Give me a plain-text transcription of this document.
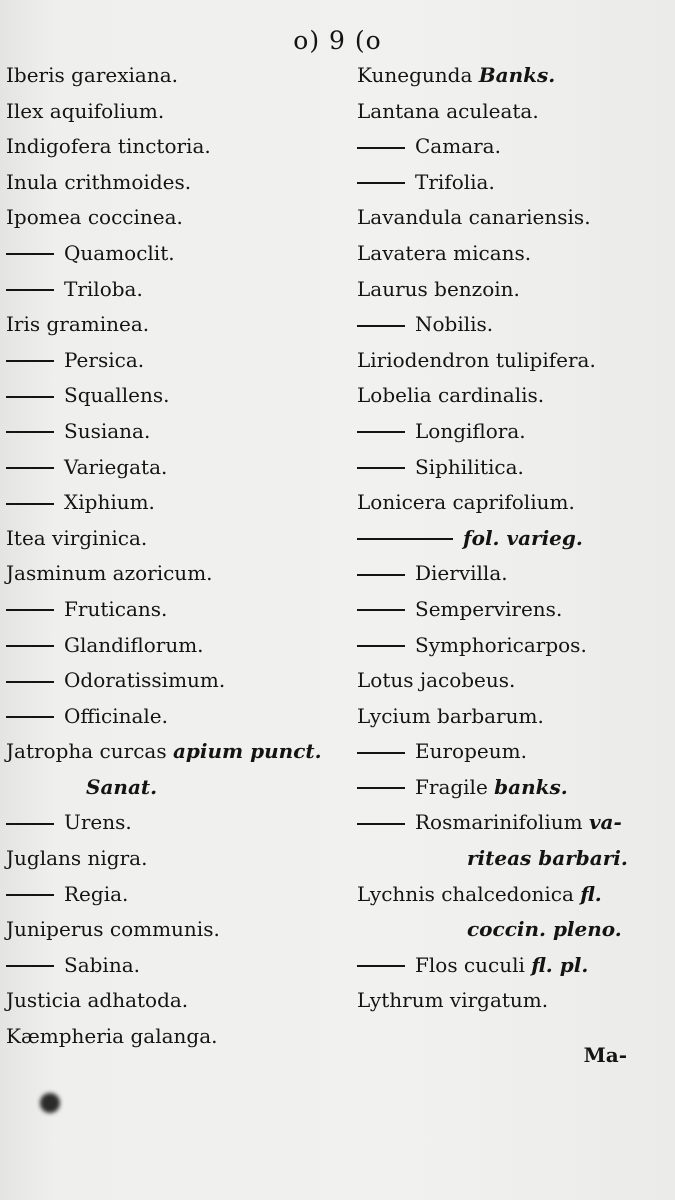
o) 9 (o
Iberis garexiana.
Ilex aquifolium.
Indigofera tinctoria.
Inula crithmoides.
Ipomea coccinea.
Quamoclit.
Triloba.
Iris graminea.
Persica.
Squallens.
Susiana.
Variegata.
Xiphium.
Itea virginica.
Jasminum azoricum.
Fruticans.
Glandiflorum.
Odoratissimum.
Officinale.
Jatropha curcas apium punct.
Sanat.
Urens.
Juglans nigra.
Regia.
Juniperus communis.
Sabina.
Justicia adhatoda.
Kæmpheria galanga.
Kunegunda Banks.
Lantana aculeata.
Camara.
Trifolia.
Lavandula canariensis.
Lavatera micans.
Laurus benzoin.
Nobilis.
Liriodendron tulipifera.
Lobelia cardinalis.
Longiflora.
Siphilitica.
Lonicera caprifolium.
fol. varieg.
Diervilla.
Sempervirens.
Symphoricarpos.
Lotus jacobeus.
Lycium barbarum.
Europeum.
Fragile banks.
Rosmarinifolium va-
riteas barbari.
Lychnis chalcedonica fl.
coccin. pleno.
Flos cuculi fl. pl.
Lythrum virgatum.
Ma-
